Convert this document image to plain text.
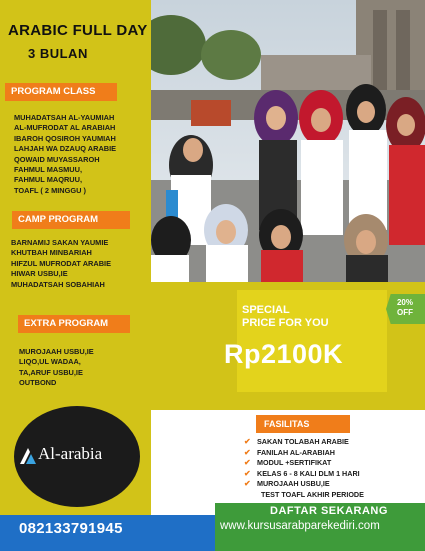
ARABIC FULL DAY
3 BULAN
PROGRAM CLASS
MUHADATSAH AL-YAUMIAH
AL-MUFRODAT AL ARABIAH
IBAROH QOSIROH YAUMIAH
LAHJAH WA DZAUQ ARABIE
QOWAID MUYASSAROH
FAHMUL MASMUU,
FAHMUL MAQRUU,
TOAFL ( 2 MINGGU )
CAMP PROGRAM
BARNAMIJ SAKAN YAUMIE
KHUTBAH MINBARIAH
HIFZUL MUFRODAT ARABIE
HIWAR USBU,IE
MUHADATSAH SOBAHIAH
EXTRA PROGRAM
MUROJAAH USBU,IE
LIQO,UL WADAA,
TA,ARUF USBU,IE
OUTBOND
SPECIAL
PRICE FOR YOU
Rp2100K
20%
OFF
Al-arabia
FASILITAS
✔ SAKAN TOLABAH ARABIE
✔ FANILAH AL-ARABIAH
✔ MODUL +SERTIFIKAT
✔ KELAS 6 - 8 KALI DLM 1 HARI
✔ MUROJAAH USBU,IE
TEST TOAFL AKHIR PERIODE
DAFTAR SEKARANG
www.kursusarabparekediri.com
082133791945
